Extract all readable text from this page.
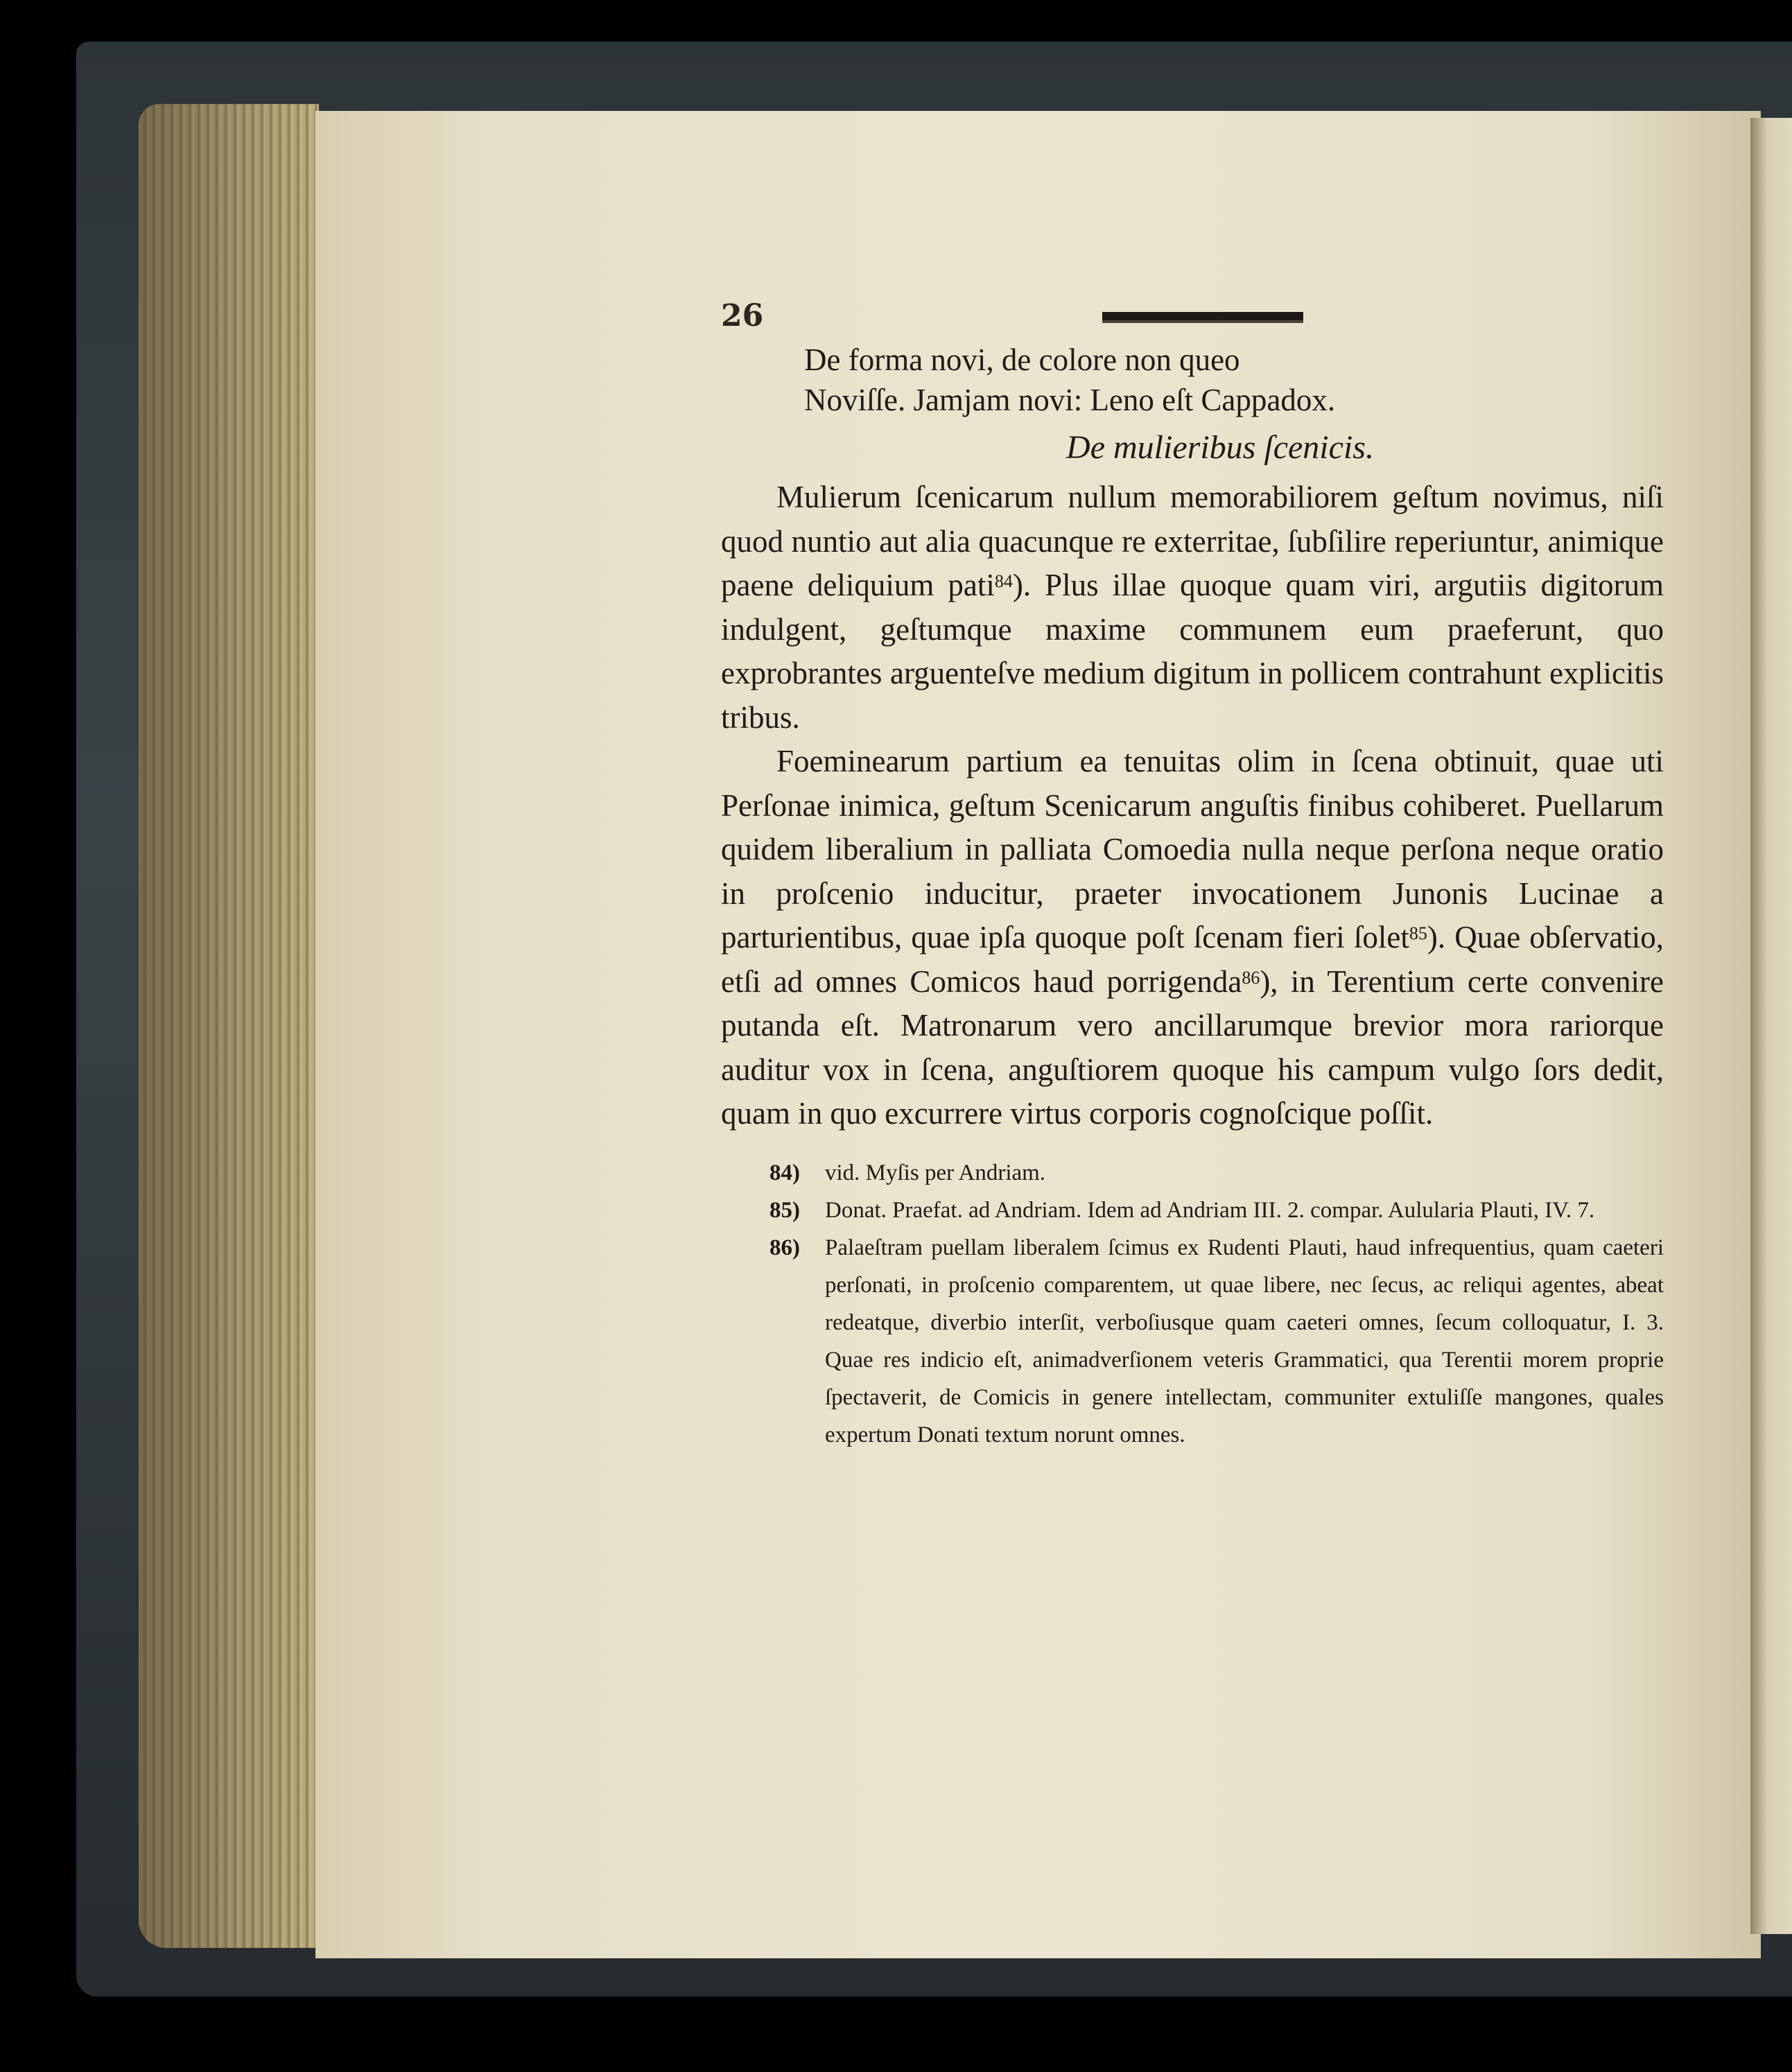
26
De forma novi, de colore non queo
Noviſſe. Jamjam novi: Leno eſt Cappadox.
De mulieribus ſcenicis.

Mulierum ſcenicarum nullum memorabiliorem geſtum novimus, niſi quod nuntio aut alia quacunque re exterritae, ſubſilire reperiuntur, animique paene deliquium pati$^{84}$). Plus illae quoque quam viri, argutiis digitorum indulgent, geſtumque maxime communem eum praeferunt, quo exprobrantes arguenteſve medium digitum in pollicem contrahunt explicitis tribus.

Foeminearum partium ea tenuitas olim in ſcena obtinuit, quae uti Perſonae inimica, geſtum Scenicarum anguſtis finibus cohiberet. Puellarum quidem liberalium in palliata Comoedia nulla neque perſona neque oratio in proſcenio inducitur, praeter invocationem Junonis Lucinae a parturientibus, quae ipſa quoque poſt ſcenam fieri ſolet$^{85}$). Quae obſervatio, etſi ad omnes Comicos haud porrigenda$^{86}$), in Terentium certe convenire putanda eſt. Matronarum vero ancillarumque brevior mora rariorque auditur vox in ſcena, anguſtiorem quoque his campum vulgo ſors dedit, quam in quo excurrere virtus corporis cognoſcique poſſit.

84)	vid. Myſis per Andriam.
85)	Donat. Praefat. ad Andriam. Idem ad Andriam III. 2. compar. Aulularia Plauti, IV. 7.
86)	Palaeſtram puellam liberalem ſcimus ex Rudenti Plauti, haud infrequentius, quam caeteri perſonati, in proſcenio comparentem, ut quae libere, nec ſecus, ac reliqui agentes, abeat redeatque, diverbio interſit, verboſiusque quam caeteri omnes, ſecum colloquatur, I. 3. Quae res indicio eſt, animadverſionem veteris Grammatici, qua Terentii morem proprie ſpectaverit, de Comicis in genere intellectam, communiter extuliſſe mangones, quales expertum Donati textum norunt omnes.
